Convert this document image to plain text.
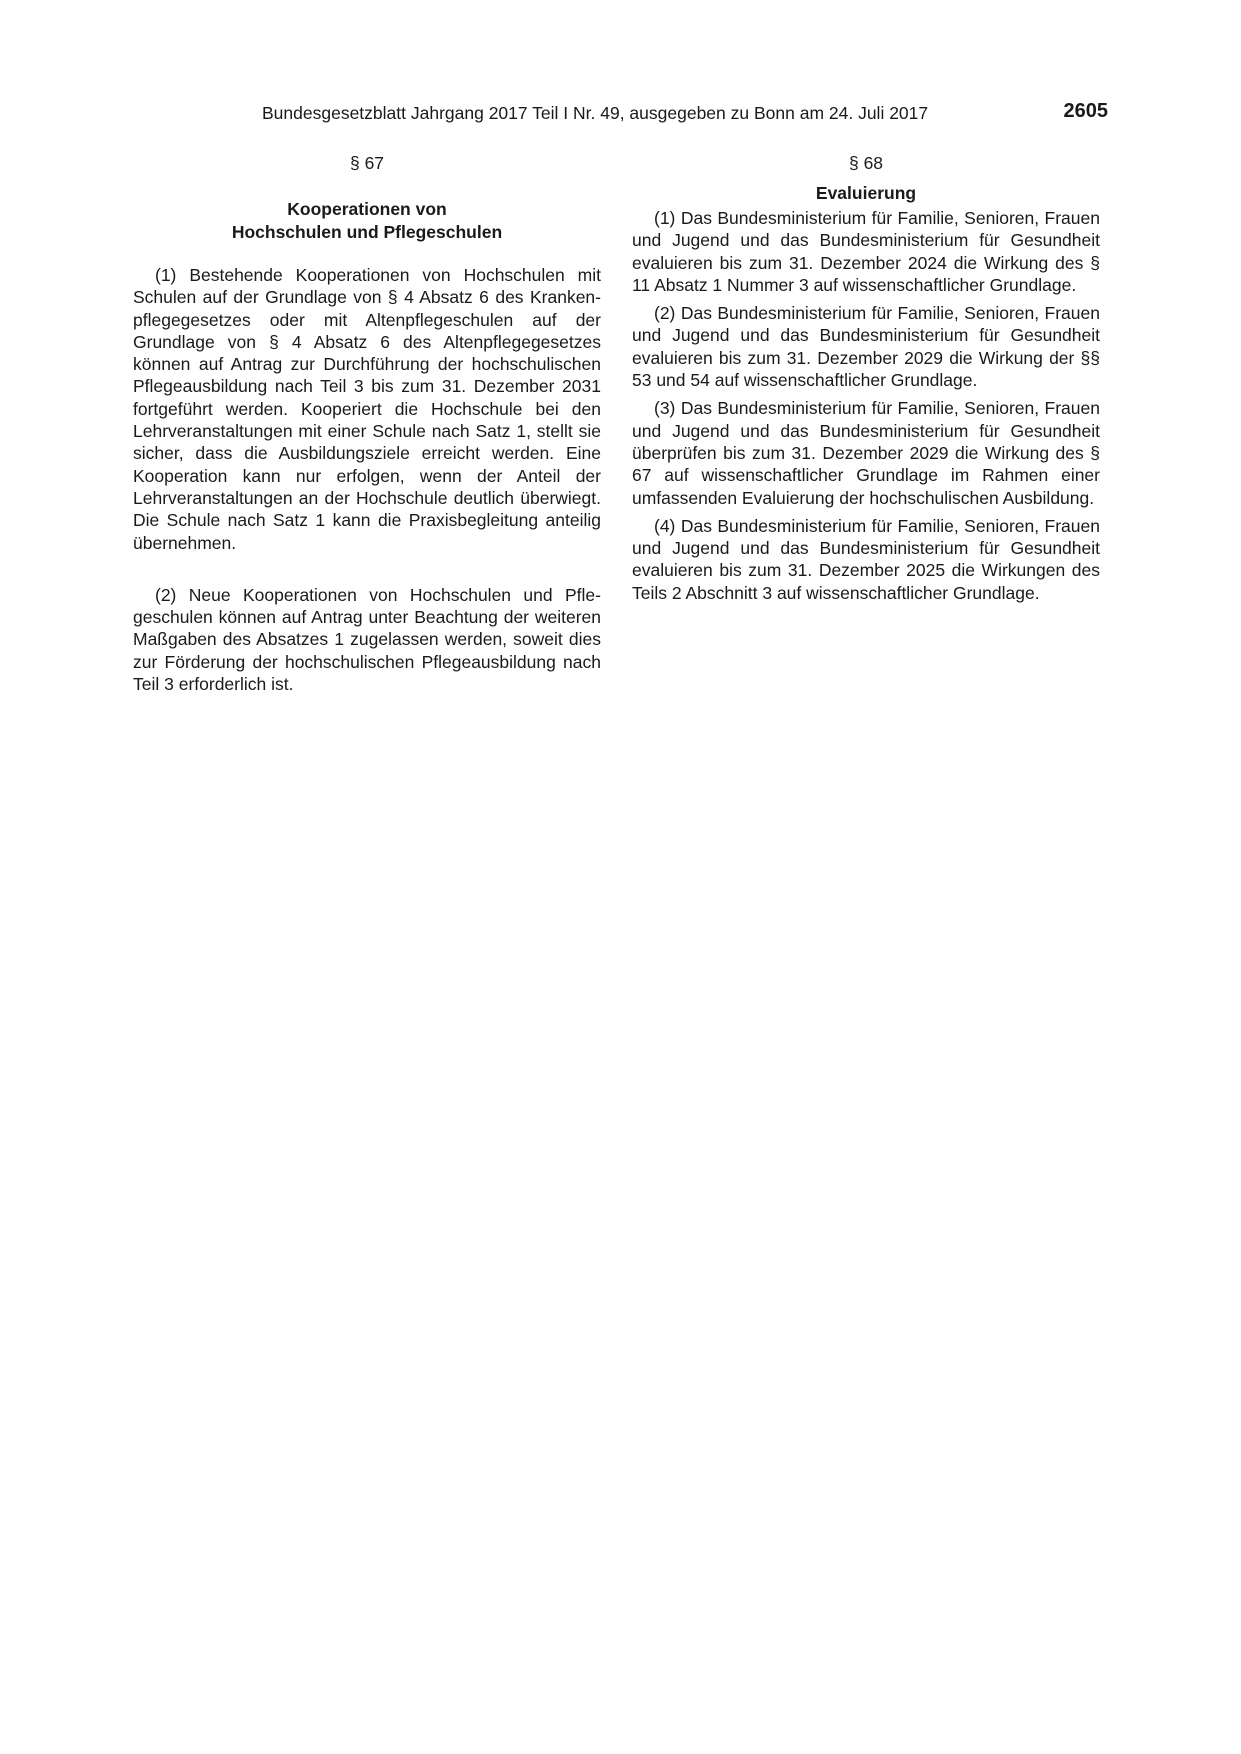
Bundesgesetzblatt Jahrgang 2017 Teil I Nr. 49, ausgegeben zu Bonn am 24. Juli 2017	2605
§ 67
Kooperationen von
Hochschulen und Pflegeschulen

(1) Bestehende Kooperationen von Hochschulen mit Schulen auf der Grundlage von § 4 Absatz 6 des Krankenpflegegesetzes oder mit Altenpflegeschulen auf der Grundlage von § 4 Absatz 6 des Altenpflegegesetzes können auf Antrag zur Durchführung der hochschulischen Pflegeausbildung nach Teil 3 bis zum 31. Dezember 2031 fortgeführt werden. Kooperiert die Hochschule bei den Lehrveranstaltungen mit einer Schule nach Satz 1, stellt sie sicher, dass die Ausbildungsziele erreicht werden. Eine Kooperation kann nur erfolgen, wenn der Anteil der Lehrveranstaltungen an der Hochschule deutlich überwiegt. Die Schule nach Satz 1 kann die Praxisbegleitung anteilig übernehmen.

(2) Neue Kooperationen von Hochschulen und Pflegeschulen können auf Antrag unter Beachtung der weiteren Maßgaben des Absatzes 1 zugelassen werden, soweit dies zur Förderung der hochschulischen Pflegeausbildung nach Teil 3 erforderlich ist.

§ 68
Evaluierung

(1) Das Bundesministerium für Familie, Senioren, Frauen und Jugend und das Bundesministerium für Gesundheit evaluieren bis zum 31. Dezember 2024 die Wirkung des § 11 Absatz 1 Nummer 3 auf wissenschaftlicher Grundlage.

(2) Das Bundesministerium für Familie, Senioren, Frauen und Jugend und das Bundesministerium für Gesundheit evaluieren bis zum 31. Dezember 2029 die Wirkung der §§ 53 und 54 auf wissenschaftlicher Grundlage.

(3) Das Bundesministerium für Familie, Senioren, Frauen und Jugend und das Bundesministerium für Gesundheit überprüfen bis zum 31. Dezember 2029 die Wirkung des § 67 auf wissenschaftlicher Grundlage im Rahmen einer umfassenden Evaluierung der hochschulischen Ausbildung.

(4) Das Bundesministerium für Familie, Senioren, Frauen und Jugend und das Bundesministerium für Gesundheit evaluieren bis zum 31. Dezember 2025 die Wirkungen des Teils 2 Abschnitt 3 auf wissenschaftlicher Grundlage.
